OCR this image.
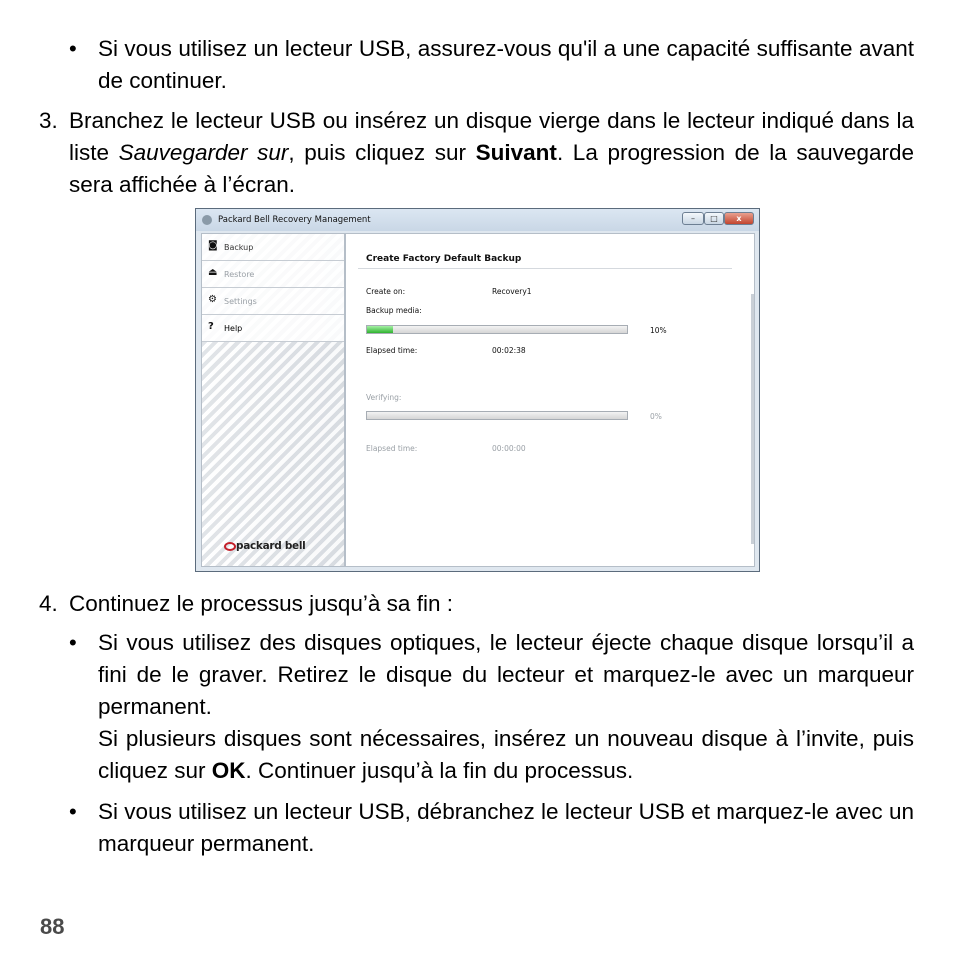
• Si vous utilisez un lecteur USB, assurez-vous qu'il a une capacité suffisante avant de continuer.
3. Branchez le lecteur USB ou insérez un disque vierge dans le lecteur indiqué dans la liste Sauvegarder sur, puis cliquez sur Suivant. La progression de la sauvegarde sera affichée à l’écran.
Packard Bell Recovery Management	–	□	x
◙ Backup
⏏ Restore
⚙ Settings
? Help
packard bell
Create Factory Default Backup
Create on:	Recovery1
Backup media:
10%
Elapsed time:	00:02:38
Verifying:
0%
Elapsed time:	00:00:00
4. Continuez le processus jusqu’à sa fin :
• Si vous utilisez des disques optiques, le lecteur éjecte chaque disque lorsqu’il a fini de le graver. Retirez le disque du lecteur et marquez-le avec un marqueur permanent.
Si plusieurs disques sont nécessaires, insérez un nouveau disque à l’invite, puis cliquez sur OK. Continuer jusqu’à la fin du processus.
• Si vous utilisez un lecteur USB, débranchez le lecteur USB et marquez-le avec un marqueur permanent.
88
